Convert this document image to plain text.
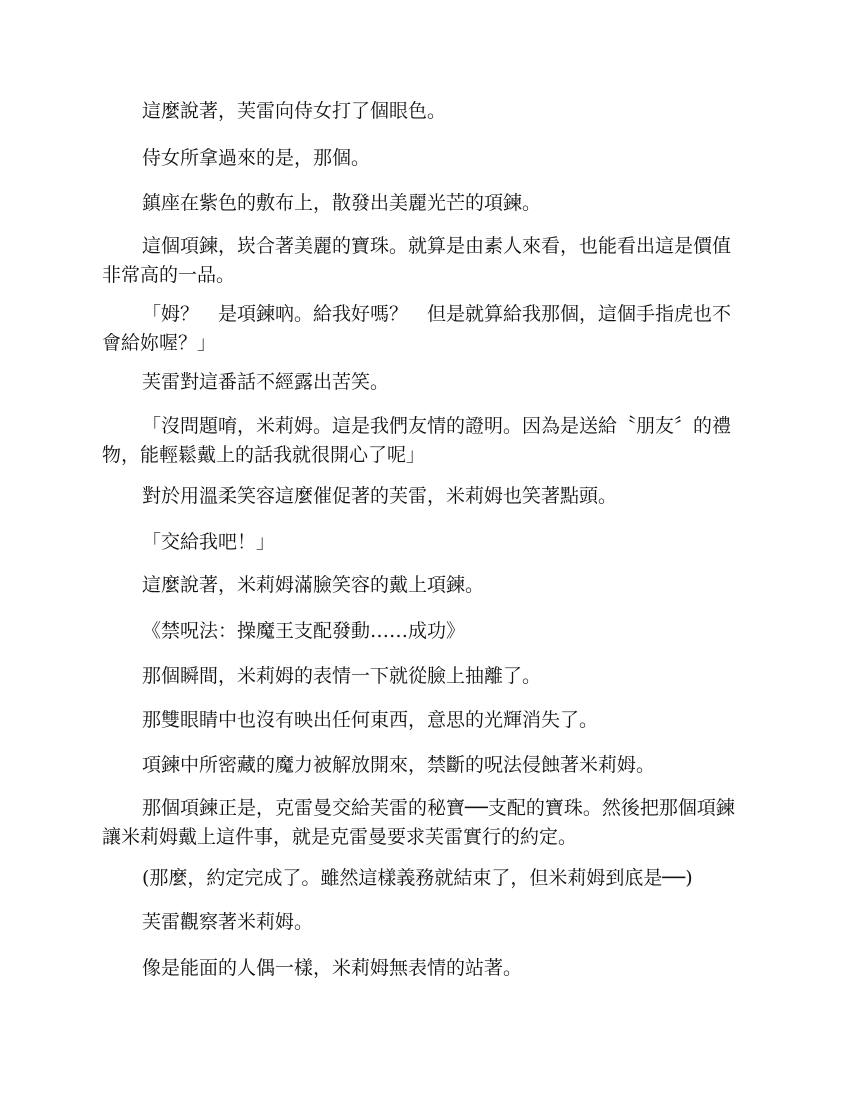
這麼說著，芙雷向侍女打了個眼色。

侍女所拿過來的是，那個。

鎮座在紫色的敷布上，散發出美麗光芒的項鍊。

這個項鍊，崁合著美麗的寶珠。就算是由素人來看，也能看出這是價值非常高的一品。

「姆？　是項鍊吶。給我好嗎？　但是就算給我那個，這個手指虎也不會給妳喔？」

芙雷對這番話不經露出苦笑。

「沒問題唷，米莉姆。這是我們友情的證明。因為是送給〝朋友〞的禮物，能輕鬆戴上的話我就很開心了呢」

對於用溫柔笑容這麼催促著的芙雷，米莉姆也笑著點頭。

「交給我吧！」

這麼說著，米莉姆滿臉笑容的戴上項鍊。

《禁呪法：操魔王支配發動……成功》

那個瞬間，米莉姆的表情一下就從臉上抽離了。

那雙眼睛中也沒有映出任何東西，意思的光輝消失了。

項鍊中所密藏的魔力被解放開來，禁斷的呪法侵蝕著米莉姆。

那個項鍊正是，克雷曼交給芙雷的秘寶──支配的寶珠。然後把那個項鍊讓米莉姆戴上這件事，就是克雷曼要求芙雷實行的約定。

(那麼，約定完成了。雖然這樣義務就結束了，但米莉姆到底是──)

芙雷觀察著米莉姆。

像是能面的人偶一樣，米莉姆無表情的站著。
